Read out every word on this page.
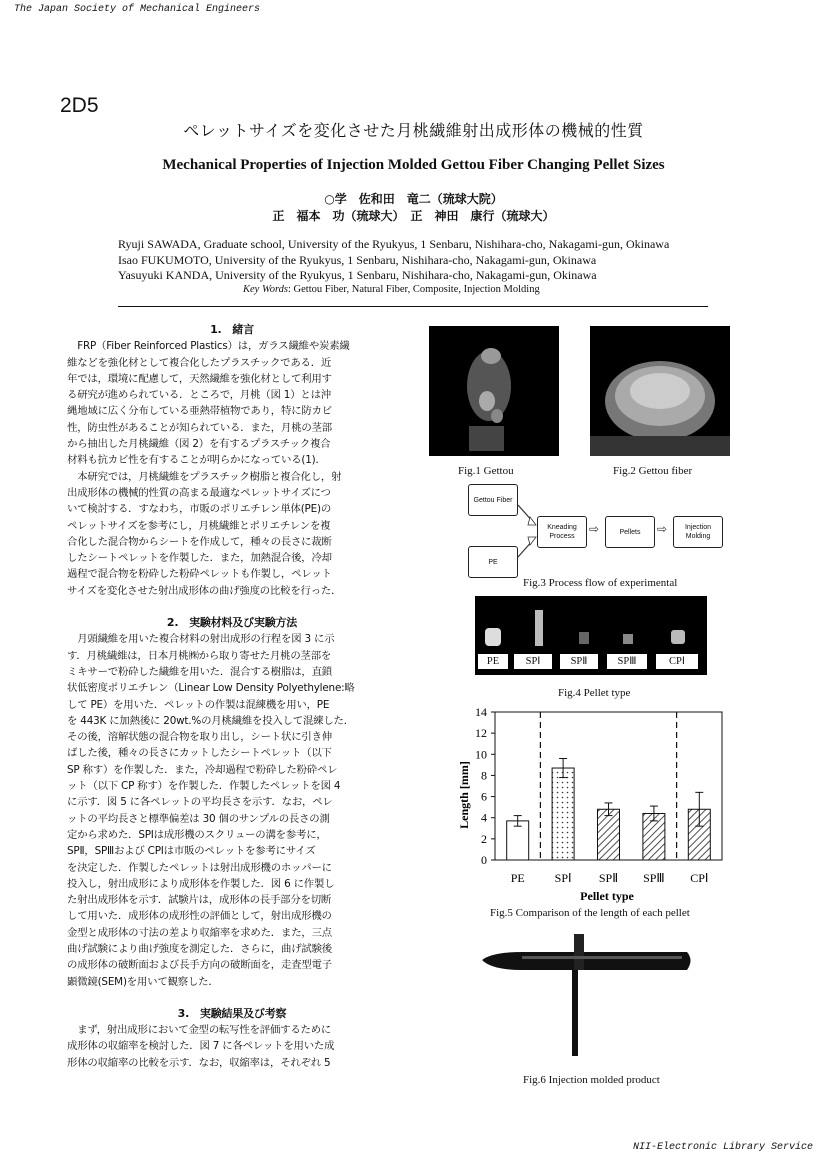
The Japan Society of Mechanical Engineers
NII-Electronic Library Service
2D5
ペレットサイズを変化させた月桃繊維射出成形体の機械的性質
Mechanical Properties of Injection Molded Gettou Fiber Changing Pellet Sizes
○学　佐和田　竜二（琉球大院）
正　福本　功（琉球大）　正　神田　康行（琉球大）
Ryuji SAWADA, Graduate school, University of the Ryukyus, 1 Senbaru, Nishihara-cho, Nakagami-gun, Okinawa
Isao FUKUMOTO, University of the Ryukyus, 1 Senbaru, Nishihara-cho, Nakagami-gun, Okinawa
Yasuyuki KANDA, University of the Ryukyus, 1 Senbaru, Nishihara-cho, Nakagami-gun, Okinawa
Key Words: Gettou Fiber, Natural Fiber, Composite, Injection Molding

1.　緒言

　FRP（Fiber Reinforced Plastics）は，ガラス繊維や炭素繊

維などを強化材として複合化したプラスチックである．近

年では，環境に配慮して，天然繊維を強化材として利用す

る研究が進められている．ところで，月桃（図 1）とは沖

縄地域に広く分布している亜熱帯植物であり，特に防カビ

性，防虫性があることが知られている．また，月桃の茎部

から抽出した月桃繊維（図 2）を有するプラスチック複合

材料も抗カビ性を有することが明らかになっている(1)．

　本研究では，月桃繊維をプラスチック樹脂と複合化し，射

出成形体の機械的性質の高まる最適なペレットサイズにつ

いて検討する．すなわち，市販のポリエチレン単体(PE)の

ペレットサイズを参考にし，月桃繊維とポリエチレンを複

合化した混合物からシートを作成して，種々の長さに裁断

したシートペレットを作製した．また，加熱混合後，冷却

過程で混合物を粉砕した粉砕ペレットも作製し，ペレット

サイズを変化させた射出成形体の曲げ強度の比較を行った．

2.　実験材料及び実験方法

　月頭繊維を用いた複合材料の射出成形の行程を図 3 に示

す．月桃繊維は，日本月桃㈱から取り寄せた月桃の茎部を

ミキサーで粉砕した繊維を用いた．混合する樹脂は，直鎖

状低密度ポリエチレン（Linear Low Density Polyethylene:略

して PE）を用いた．ペレットの作製は混練機を用い，PE

を 443K に加熱後に 20wt.%の月桃繊維を投入して混練した．

その後，溶解状態の混合物を取り出し，シート状に引き伸

ばした後，種々の長さにカットしたシートペレット（以下

SP 称す）を作製した．また，冷却過程で粉砕した粉砕ペレ

ット（以下 CP 称す）を作製した．作製したペレットを図 4

に示す．図 5 に各ペレットの平均長さを示す．なお，ペレ

ットの平均長さと標準偏差は 30 個のサンプルの長さの測

定から求めた．SPⅠは成形機のスクリューの溝を参考に，

SPⅡ，SPⅢおよび CPⅠは市販のペレットを参考にサイズ

を決定した．作製したペレットは射出成形機のホッパーに

投入し，射出成形により成形体を作製した．図 6 に作製し

た射出成形体を示す．試験片は，成形体の長手部分を切断

して用いた．成形体の成形性の評価として，射出成形機の

金型と成形体の寸法の差より収縮率を求めた．また，三点

曲げ試験により曲げ強度を測定した．さらに，曲げ試験後

の成形体の破断面および長手方向の破断面を，走査型電子

顕微鏡(SEM)を用いて観察した．

3.　実験結果及び考察

　まず，射出成形において金型の転写性を評価するために

成形体の収縮率を検討した．図 7 に各ペレットを用いた成

形体の収縮率の比較を示す．なお，収縮率は，それぞれ 5

Fig.1 Gettou	Fig.2 Gettou fiber
Gettou Fiber
PE
Kneading Process
Pellets
Injection Molding
⇨	⇨
Fig.3 Process flow of experimental
PE	SPⅠ	SPⅡ	SPⅢ	CPⅠ
Fig.4 Pellet type
Length [mm]
Pellet type
0
2
4
6
8
10
12
14
PE SPⅠ SPⅡ SPⅢ CPⅠ
Fig.5 Comparison of the length of each pellet
Fig.6 Injection molded product
